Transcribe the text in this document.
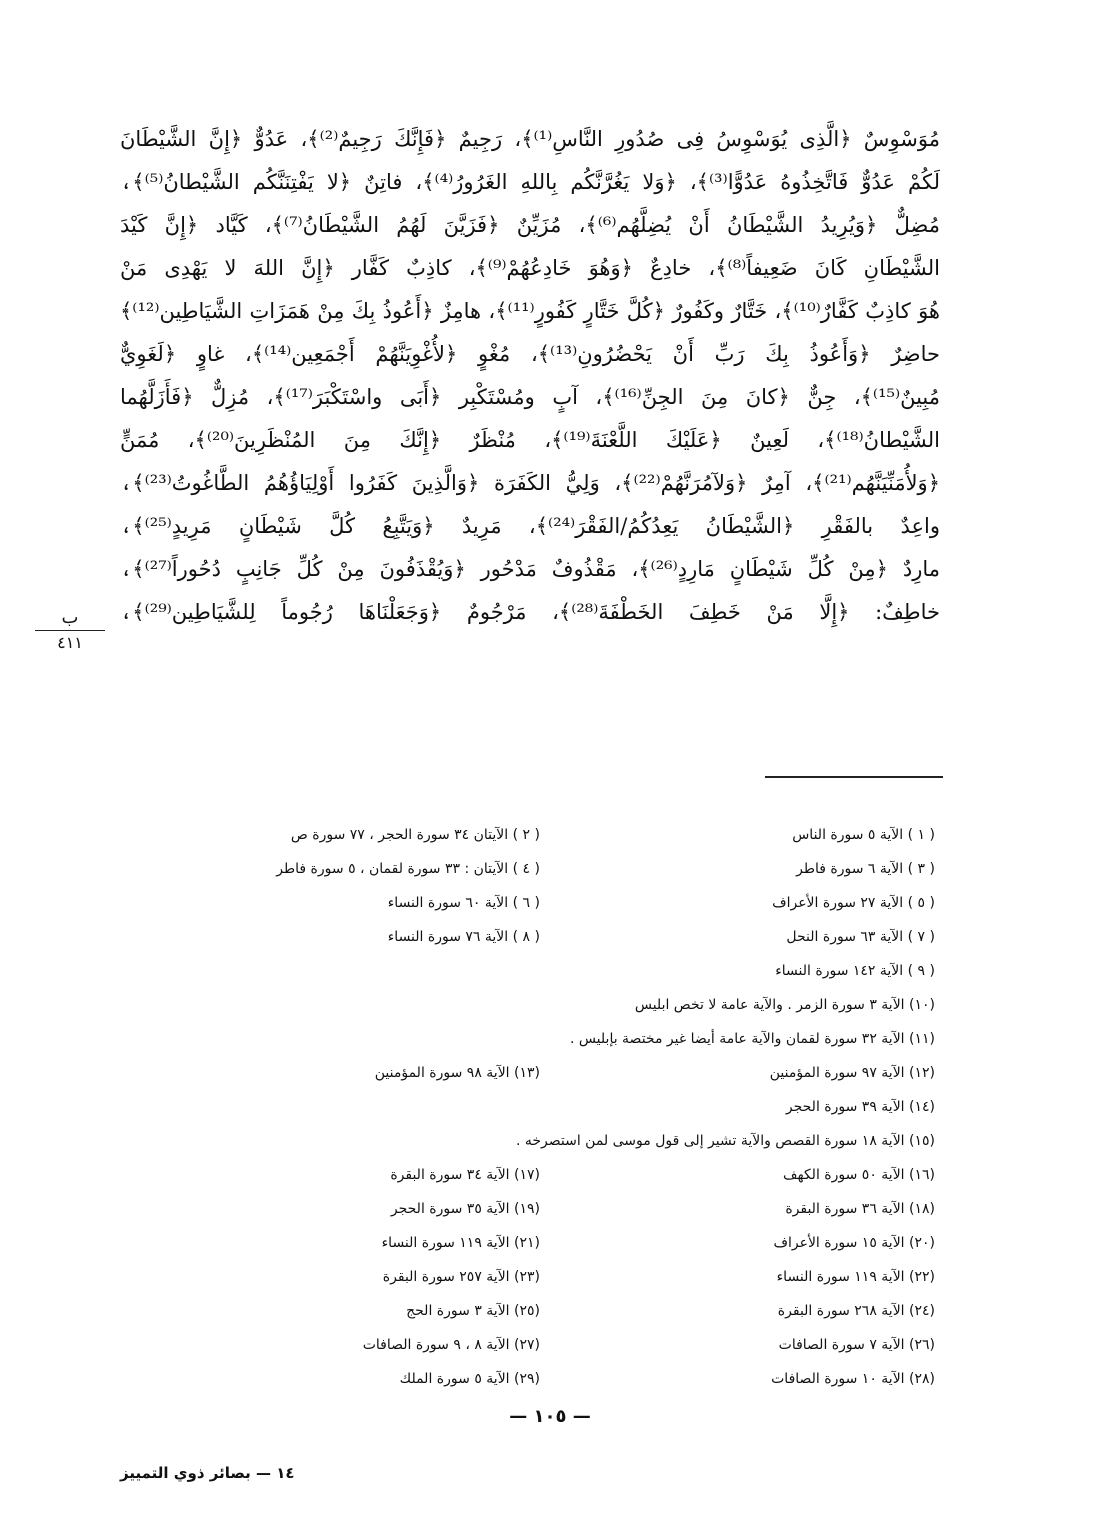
مُوَسْوِسٌ ﴿الَّذِى يُوَسْوِسُ فِى صُدُورِ النَّاسِ⁽¹⁾﴾، رَجِيمٌ ﴿فَإِنَّكَ رَجِيمٌ⁽²⁾﴾، عَدُوٌّ ﴿إِنَّ الشَّيْطَانَ
لَكُمْ عَدُوٌّ فَاتَّخِذُوهُ عَدُوًّا⁽³⁾﴾، ﴿وَلا يَغُرَّنَّكُم بِاللهِ الغَرُورُ⁽⁴⁾﴾، فاتِنٌ ﴿لا يَفْتِنَنَّكُم الشَّيْطانُ⁽⁵⁾﴾،
مُضِلٌّ ﴿وَيُرِيدُ الشَّيْطَانُ أَنْ يُضِلَّهُم⁽⁶⁾﴾، مُزَيِّنٌ ﴿فَزَيَّنَ لَهُمُ الشَّيْطَانُ⁽⁷⁾﴾، كَيَّاد ﴿إِنَّ كَيْدَ
الشَّيْطَانِ كَانَ ضَعِيفاً⁽⁸⁾﴾، خادِعٌ ﴿وَهُوَ خَادِعُهُمْ⁽⁹⁾﴾، كاذِبٌ كَفَّار ﴿إِنَّ اللهَ لا يَهْدِى مَنْ
هُوَ كاذِبٌ كَفَّارٌ⁽¹⁰⁾﴾، خَتَّارٌ وكَفُورٌ ﴿كُلَّ خَتَّارٍ كَفُورٍ⁽¹¹⁾﴾، هامِزٌ ﴿أَعُوذُ بِكَ مِنْ هَمَزَاتِ الشَّيَاطِين⁽¹²⁾﴾
حاضِرٌ ﴿وَأَعُوذُ بِكَ رَبِّ أَنْ يَحْضُرُونِ⁽¹³⁾﴾، مُغْوٍ ﴿لأُغْوِيَنَّهُمْ أَجْمَعِين⁽¹⁴⁾﴾، غاوٍ ﴿لَغَوِيٌّ
مُبِينٌ⁽¹⁵⁾﴾، جِنٌّ ﴿كانَ مِنَ الجِنِّ⁽¹⁶⁾﴾، آبٍ ومُسْتَكْبِر ﴿أَبَى واسْتَكْبَرَ⁽¹⁷⁾﴾، مُزِلٌّ ﴿فَأَزَلَّهُما
الشَّيْطانُ⁽¹⁸⁾﴾، لَعِينٌ ﴿عَلَيْكَ اللَّعْنَةَ⁽¹⁹⁾﴾، مُنْظَرٌ ﴿إِنَّكَ مِنَ المُنْظَرِينَ⁽²⁰⁾﴾، مُمَنٍّ
﴿وَلأُمَنِّيَنَّهُم⁽²¹⁾﴾، آمِرٌ ﴿وَلآمُرَنَّهُمْ⁽²²⁾﴾، وَلِيُّ الكَفَرَة ﴿وَالَّذِينَ كَفَرُوا أَوْلِيَاؤُهُمُ الطَّاغُوتُ⁽²³⁾﴾،
واعِدٌ بالفَقْرِ ﴿الشَّيْطَانُ يَعِدُكُمُ/الفَقْرَ⁽²⁴⁾﴾، مَرِيدٌ ﴿وَيَتَّبِعُ كُلَّ شَيْطَانٍ مَرِيدٍ⁽²⁵⁾﴾،
مارِدٌ ﴿مِنْ كُلِّ شَيْطَانٍ مَارِدٍ⁽²⁶⁾﴾، مَقْذُوفٌ مَدْحُور ﴿وَيُقْذَفُونَ مِنْ كُلِّ جَانِبٍ دُحُوراً⁽²⁷⁾﴾،
خاطِفٌ: ﴿إِلَّا مَنْ خَطِفَ الخَطْفَةَ⁽²⁸⁾﴾، مَرْجُومٌ ﴿وَجَعَلْنَاهَا رُجُوماً لِلشَّيَاطِين⁽²⁹⁾﴾،
ب
٤١١
( ١ ) الآية ٥ سورة الناس
( ٢ ) الآيتان ٣٤ سورة الحجر ، ٧٧ سورة ص
( ٣ ) الآية ٦ سورة فاطر
( ٤ ) الآيتان : ٣٣ سورة لقمان ، ٥ سورة فاطر
( ٥ ) الآية ٢٧ سورة الأعراف
( ٦ ) الآية ٦٠ سورة النساء
( ٧ ) الآية ٦٣ سورة النحل
( ٨ ) الآية ٧٦ سورة النساء
( ٩ ) الآية ١٤٢ سورة النساء
(١٠) الآية ٣ سورة الزمر . والآية عامة لا تخص ابليس
(١١) الآية ٣٢ سورة لقمان والآية عامة أيضا غير مختصة بإبليس .
(١٢) الآية ٩٧ سورة المؤمنين
(١٣) الآية ٩٨ سورة المؤمنين
(١٤) الآية ٣٩ سورة الحجر
(١٥) الآية ١٨ سورة القصص والآية تشير إلى قول موسى لمن استصرخه .
(١٦) الآية ٥٠ سورة الكهف
(١٧) الآية ٣٤ سورة البقرة
(١٨) الآية ٣٦ سورة البقرة
(١٩) الآية ٣٥ سورة الحجر
(٢٠) الآية ١٥ سورة الأعراف
(٢١) الآية ١١٩ سورة النساء
(٢٢) الآية ١١٩ سورة النساء
(٢٣) الآية ٢٥٧ سورة البقرة
(٢٤) الآية ٢٦٨ سورة البقرة
(٢٥) الآية ٣ سورة الحج
(٢٦) الآية ٧ سورة الصافات
(٢٧) الآية ٨ ، ٩ سورة الصافات
(٢٨) الآية ١٠ سورة الصافات
(٢٩) الآية ٥ سورة الملك
— ١٠٥ —
١٤ — بصائر ذوي التمييز
